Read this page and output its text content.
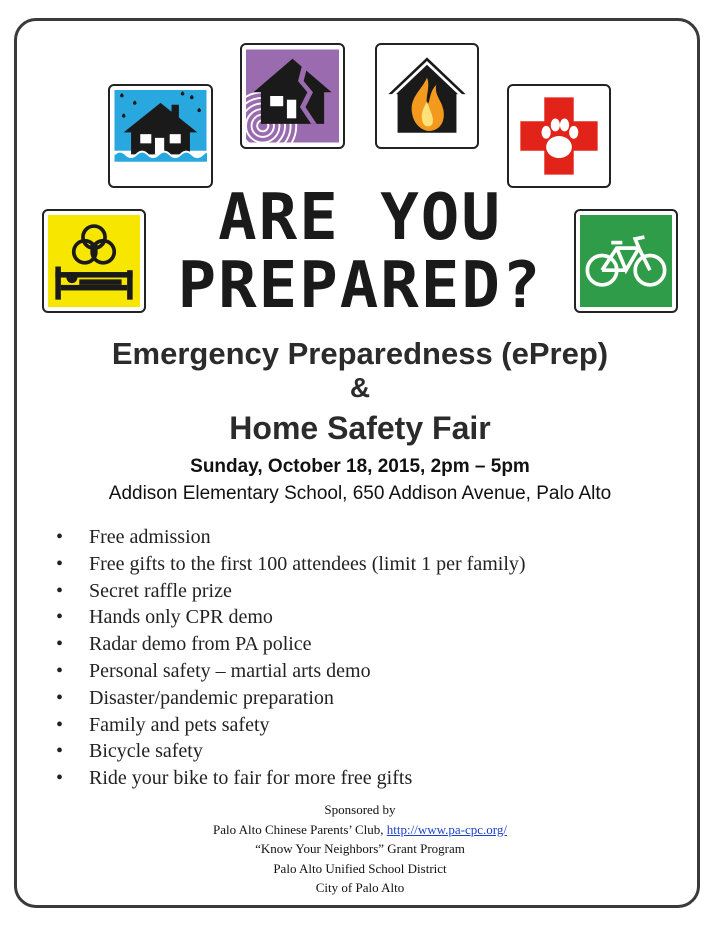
ARE YOU
PREPARED?
Emergency Preparedness (ePrep)
&
Home Safety Fair
Sunday, October 18, 2015, 2pm – 5pm
Addison Elementary School, 650 Addison Avenue, Palo Alto
• Free admission
• Free gifts to the first 100 attendees (limit 1 per family)
• Secret raffle prize
• Hands only CPR demo
• Radar demo from PA police
• Personal safety – martial arts demo
• Disaster/pandemic preparation
• Family and pets safety
• Bicycle safety
• Ride your bike to fair for more free gifts
Sponsored by
Palo Alto Chinese Parents’ Club, http://www.pa-cpc.org/
“Know Your Neighbors” Grant Program
Palo Alto Unified School District
City of Palo Alto
